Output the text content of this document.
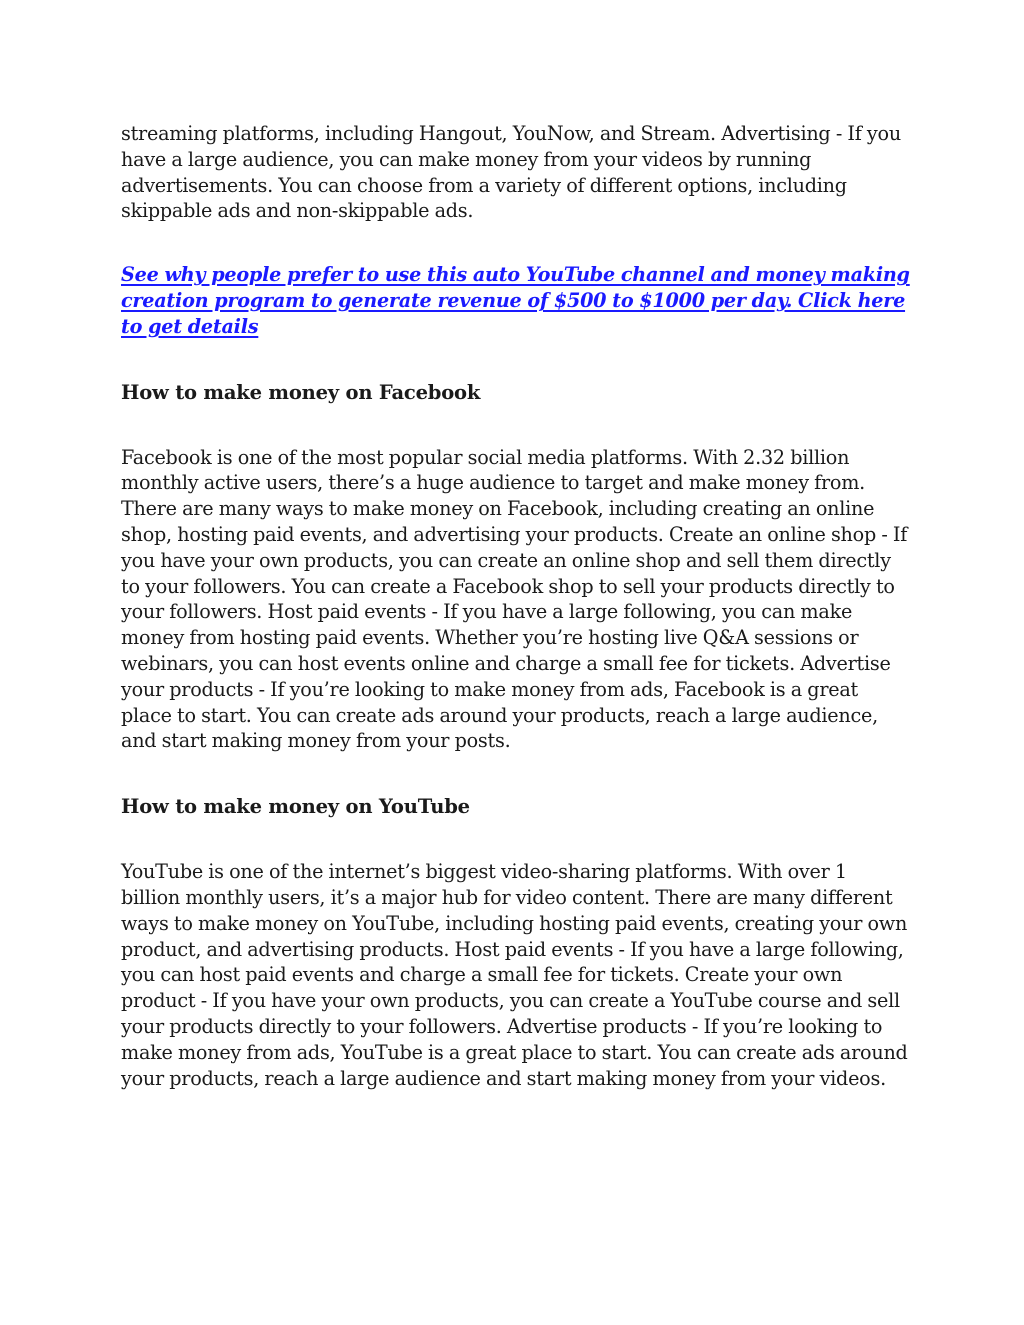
streaming platforms, including Hangout, YouNow, and Stream. Advertising - If you have a large audience, you can make money from your videos by running advertisements. You can choose from a variety of different options, including skippable ads and non-skippable ads.

See why people prefer to use this auto YouTube channel and money making creation program to generate revenue of $500 to $1000 per day. Click here to get details

How to make money on Facebook

Facebook is one of the most popular social media platforms. With 2.32 billion monthly active users, there’s a huge audience to target and make money from. There are many ways to make money on Facebook, including creating an online shop, hosting paid events, and advertising your products. Create an online shop - If you have your own products, you can create an online shop and sell them directly to your followers. You can create a Facebook shop to sell your products directly to your followers. Host paid events - If you have a large following, you can make money from hosting paid events. Whether you’re hosting live Q&A sessions or webinars, you can host events online and charge a small fee for tickets. Advertise your products - If you’re looking to make money from ads, Facebook is a great place to start. You can create ads around your products, reach a large audience, and start making money from your posts.

How to make money on YouTube

YouTube is one of the internet’s biggest video-sharing platforms. With over 1 billion monthly users, it’s a major hub for video content. There are many different ways to make money on YouTube, including hosting paid events, creating your own product, and advertising products. Host paid events - If you have a large following, you can host paid events and charge a small fee for tickets. Create your own product - If you have your own products, you can create a YouTube course and sell your products directly to your followers. Advertise products - If you’re looking to make money from ads, YouTube is a great place to start. You can create ads around your products, reach a large audience and start making money from your videos.
